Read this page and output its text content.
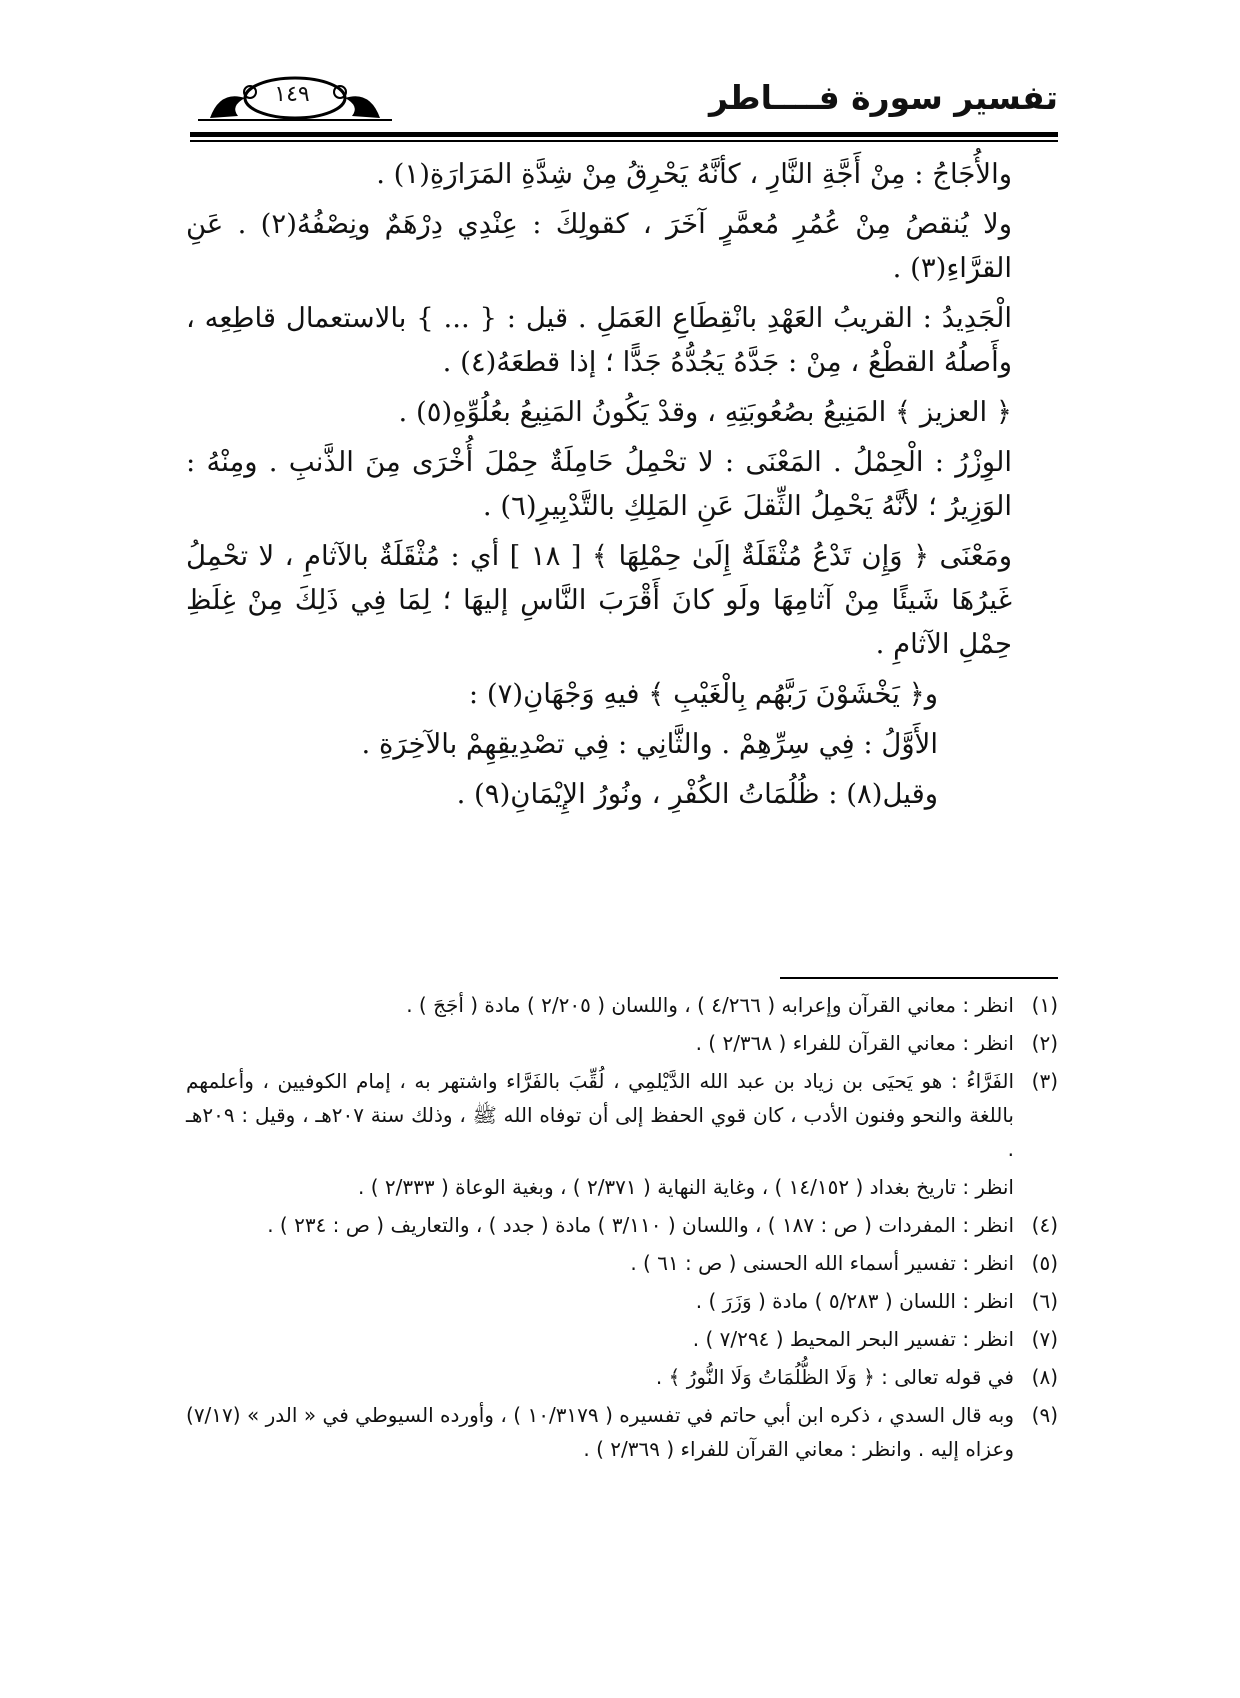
تفسير سورة فــــاطر
١٤٩

والأُجَاجُ : مِنْ أَجَّةِ النَّارِ ، كأنَّهُ يَحْرِقُ مِنْ شِدَّةِ المَرَارَةِ(١) .

ولا يُنقصُ مِنْ عُمُرِ مُعمَّرٍ آخَرَ ، كقولِكَ : عِنْدِي دِرْهَمٌ ونِصْفُهُ(٢) . عَنِ القرَّاءِ(٣) .

الْجَدِيدُ : القريبُ العَهْدِ بانْقِطَاعِ العَمَلِ . قيل : { ... } بالاستعمال قاطِعِه ، وأَصلُهُ القطْعُ ، مِنْ : جَدَّهُ يَجُدُّهُ جَدًّا ؛ إذا قطعَهُ(٤) .

﴿ العزيز ﴾ المَنِيعُ بصُعُوبَتِهِ ، وقدْ يَكُونُ المَنِيعُ بعُلُوِّهِ(٥) .

الوِزْرُ : الْحِمْلُ . المَعْنَى : لا تحْمِلُ حَامِلَةٌ حِمْلَ أُخْرَى مِنَ الذَّنبِ . ومِنْهُ : الوَزِيرُ ؛ لأنَّهُ يَحْمِلُ الثِّقلَ عَنِ المَلِكِ بالتَّدْبِيرِ(٦) .

ومَعْنَى ﴿ وَإِن تَدْعُ مُثْقَلَةٌ إِلَىٰ حِمْلِهَا ﴾ [ ١٨ ] أي : مُثْقَلَةٌ بالآثامِ ، لا تحْمِلُ غَيرُهَا شَيئًا مِنْ آثامِهَا ولَو كانَ أَقْرَبَ النَّاسِ إليهَا ؛ لِمَا فِي ذَلِكَ مِنْ غِلَظِ حِمْلِ الآثامِ .

و﴿ يَخْشَوْنَ رَبَّهُم بِالْغَيْبِ ﴾ فيهِ وَجْهَانِ(٧) :

الأَوَّلُ : فِي سِرِّهِمْ . والثَّانِي : فِي تصْدِيقِهِمْ بالآخِرَةِ .

وقيل(٨) : ظُلُمَاتُ الكُفْرِ ، ونُورُ الإِيْمَانِ(٩) .

(١)
انظر : معاني القرآن وإعرابه ( ٤/٢٦٦ ) ، واللسان ( ٢/٢٠٥ ) مادة ( أجَجَ ) .
(٢)
انظر : معاني القرآن للفراء ( ٢/٣٦٨ ) .
(٣)
الفَرَّاءُ : هو يَحيَى بن زياد بن عبد الله الدَّيْلمِي ، لُقِّبَ بالفَرَّاء واشتهر به ، إمام الكوفيين ، وأعلمهم باللغة والنحو وفنون الأدب ، كان قوي الحفظ إلى أن توفاه الله ﷺ ، وذلك سنة ٢٠٧هـ ، وقيل : ٢٠٩هـ .
انظر : تاريخ بغداد ( ١٤/١٥٢ ) ، وغاية النهاية ( ٢/٣٧١ ) ، وبغية الوعاة ( ٢/٣٣٣ ) .
(٤)
انظر : المفردات ( ص : ١٨٧ ) ، واللسان ( ٣/١١٠ ) مادة ( جدد ) ، والتعاريف ( ص : ٢٣٤ ) .
(٥)
انظر : تفسير أسماء الله الحسنى ( ص : ٦١ ) .
(٦)
انظر : اللسان ( ٥/٢٨٣ ) مادة ( وَزَرَ ) .
(٧)
انظر : تفسير البحر المحيط ( ٧/٢٩٤ ) .
(٨)
في قوله تعالى : ﴿ وَلَا الظُّلُمَاتُ وَلَا النُّورُ ﴾ .
(٩)
وبه قال السدي ، ذكره ابن أبي حاتم في تفسيره ( ١٠/٣١٧٩ ) ، وأورده السيوطي في « الدر » (٧/١٧) وعزاه إليه . وانظر : معاني القرآن للفراء ( ٢/٣٦٩ ) .
